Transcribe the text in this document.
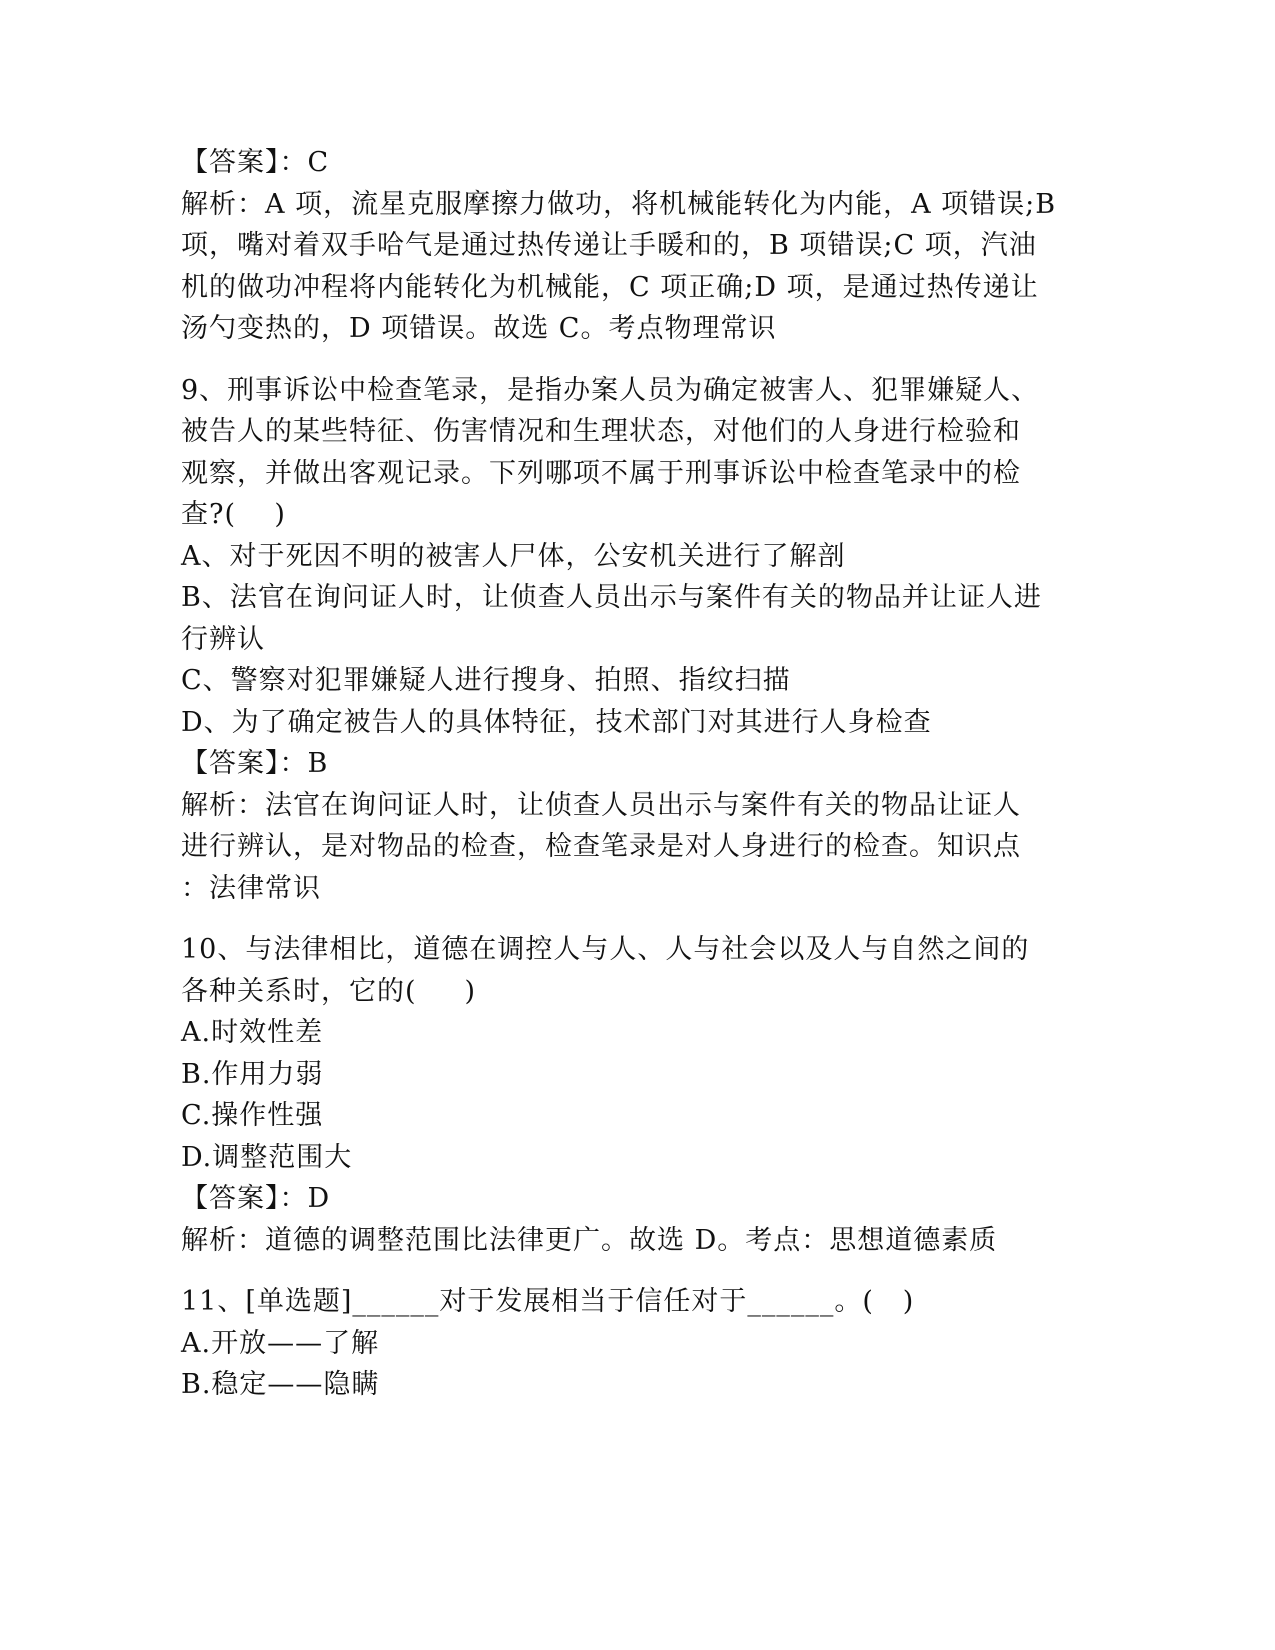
【答案】：C
解析：A 项，流星克服摩擦力做功，将机械能转化为内能，A 项错误;B
项，嘴对着双手哈气是通过热传递让手暖和的，B 项错误;C 项，汽油
机的做功冲程将内能转化为机械能，C 项正确;D 项，是通过热传递让
汤勺变热的，D 项错误。故选 C。考点物理常识
9、刑事诉讼中检查笔录，是指办案人员为确定被害人、犯罪嫌疑人、
被告人的某些特征、伤害情况和生理状态，对他们的人身进行检验和
观察，并做出客观记录。下列哪项不属于刑事诉讼中检查笔录中的检
查?(    )
A、对于死因不明的被害人尸体，公安机关进行了解剖
B、法官在询问证人时，让侦查人员出示与案件有关的物品并让证人进
行辨认
C、警察对犯罪嫌疑人进行搜身、拍照、指纹扫描
D、为了确定被告人的具体特征，技术部门对其进行人身检查
【答案】：B
解析：法官在询问证人时，让侦查人员出示与案件有关的物品让证人
进行辨认，是对物品的检查，检查笔录是对人身进行的检查。知识点
：法律常识
10、与法律相比，道德在调控人与人、人与社会以及人与自然之间的
各种关系时，它的(     )
A.时效性差
B.作用力弱
C.操作性强
D.调整范围大
【答案】：D
解析：道德的调整范围比法律更广。故选 D。考点：思想道德素质
11、[单选题]______对于发展相当于信任对于______。(   )
A.开放——了解
B.稳定——隐瞒
